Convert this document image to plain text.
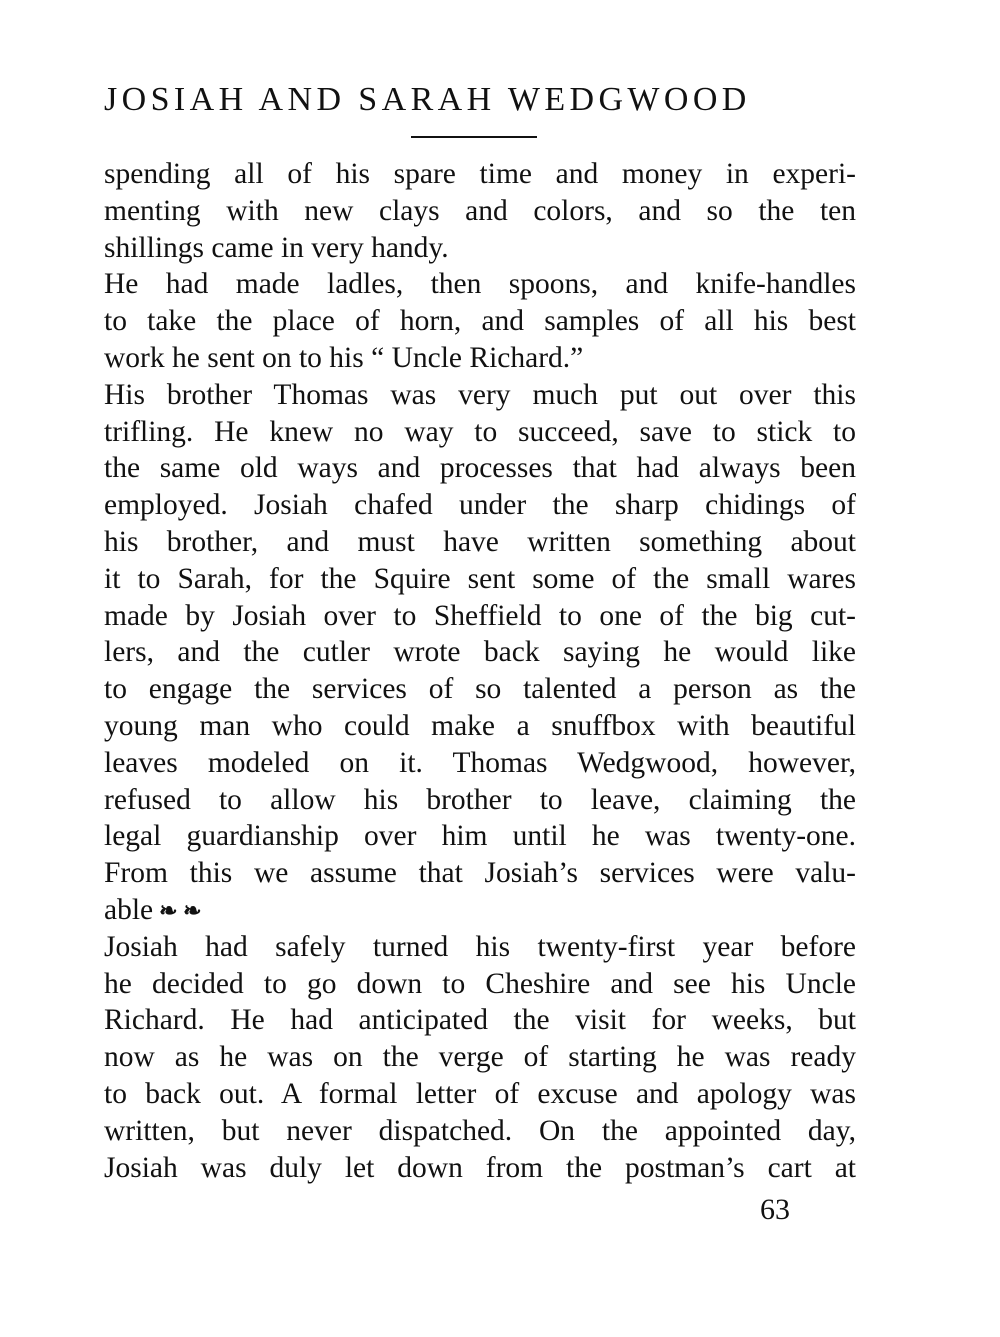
JOSIAH AND SARAH WEDGWOOD
spending all of his spare time and money in experi-
menting with new clays and colors, and so the ten
shillings came in very handy.
He had made ladles, then spoons, and knife-handles
to take the place of horn, and samples of all his best
work he sent on to his “ Uncle Richard.”
His brother Thomas was very much put out over this
trifling. He knew no way to succeed, save to stick to
the same old ways and processes that had always been
employed. Josiah chafed under the sharp chidings of
his brother, and must have written something about
it to Sarah, for the Squire sent some of the small wares
made by Josiah over to Sheffield to one of the big cut-
lers, and the cutler wrote back saying he would like
to engage the services of so talented a person as the
young man who could make a snuffbox with beautiful
leaves modeled on it. Thomas Wedgwood, however,
refused to allow his brother to leave, claiming the
legal guardianship over him until he was twenty-one.
From this we assume that Josiah’s services were valu-
able ❧ ❧
Josiah had safely turned his twenty-first year before
he decided to go down to Cheshire and see his Uncle
Richard. He had anticipated the visit for weeks, but
now as he was on the verge of starting he was ready
to back out. A formal letter of excuse and apology was
written, but never dispatched. On the appointed day,
Josiah was duly let down from the postman’s cart at
63
